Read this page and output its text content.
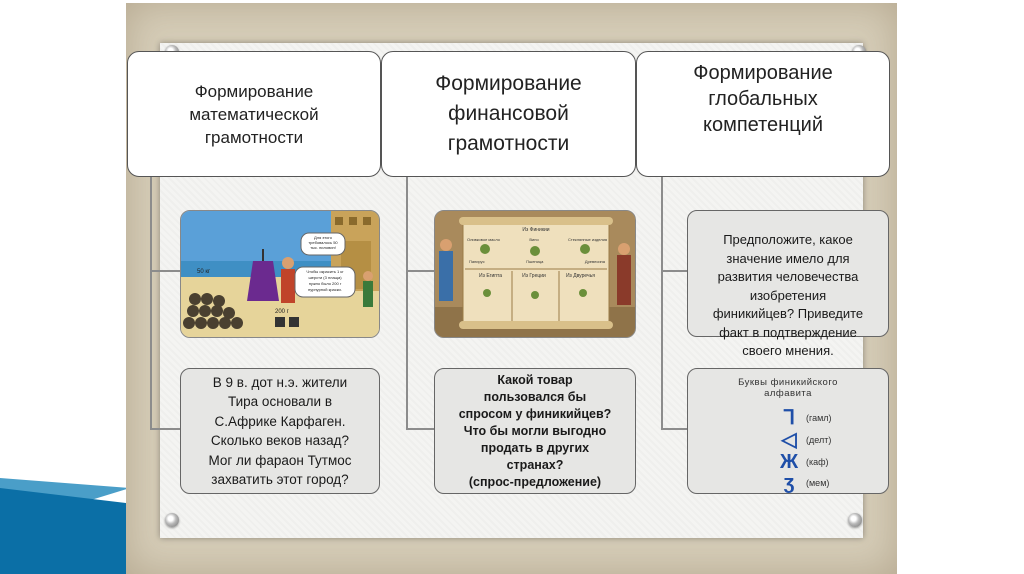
Формирование
математической
грамотности
Формирование
финансовой
грамотности
Формирование
глобальных
компетенций
Для этого
требовалось 50
тыс. пиловин!
Чтобы окрасить 1 кг
шерсти (3 плаща)
нужно было 200 г
пурпурной краски.
50 кг
200 г
Из Финикии
Оливковое масло	Вино	Стеклянные изделия
Папирус	Пшеница	Древесина
Из Египта	Из Греции	Из Двуречья
Предположите, какое
значение имело для
развития человечества
изобретения
финикийцев? Приведите
факт в подтверждение
своего мнения.
В 9 в. дот н.э. жители
Тира основали в
С.Африке Карфаген.
Сколько веков назад?
Мог ли фараон Тутмос
захватить этот город?
Какой товар
пользовался бы
спросом у финикийцев?
Что бы могли выгодно
продать в других
странах?
(спрос-предложение)
Буквы финикийского
алфавита
ᒣ	(гамл)
◁	(делт)
Ж (каф)
ʒ	(мем)
